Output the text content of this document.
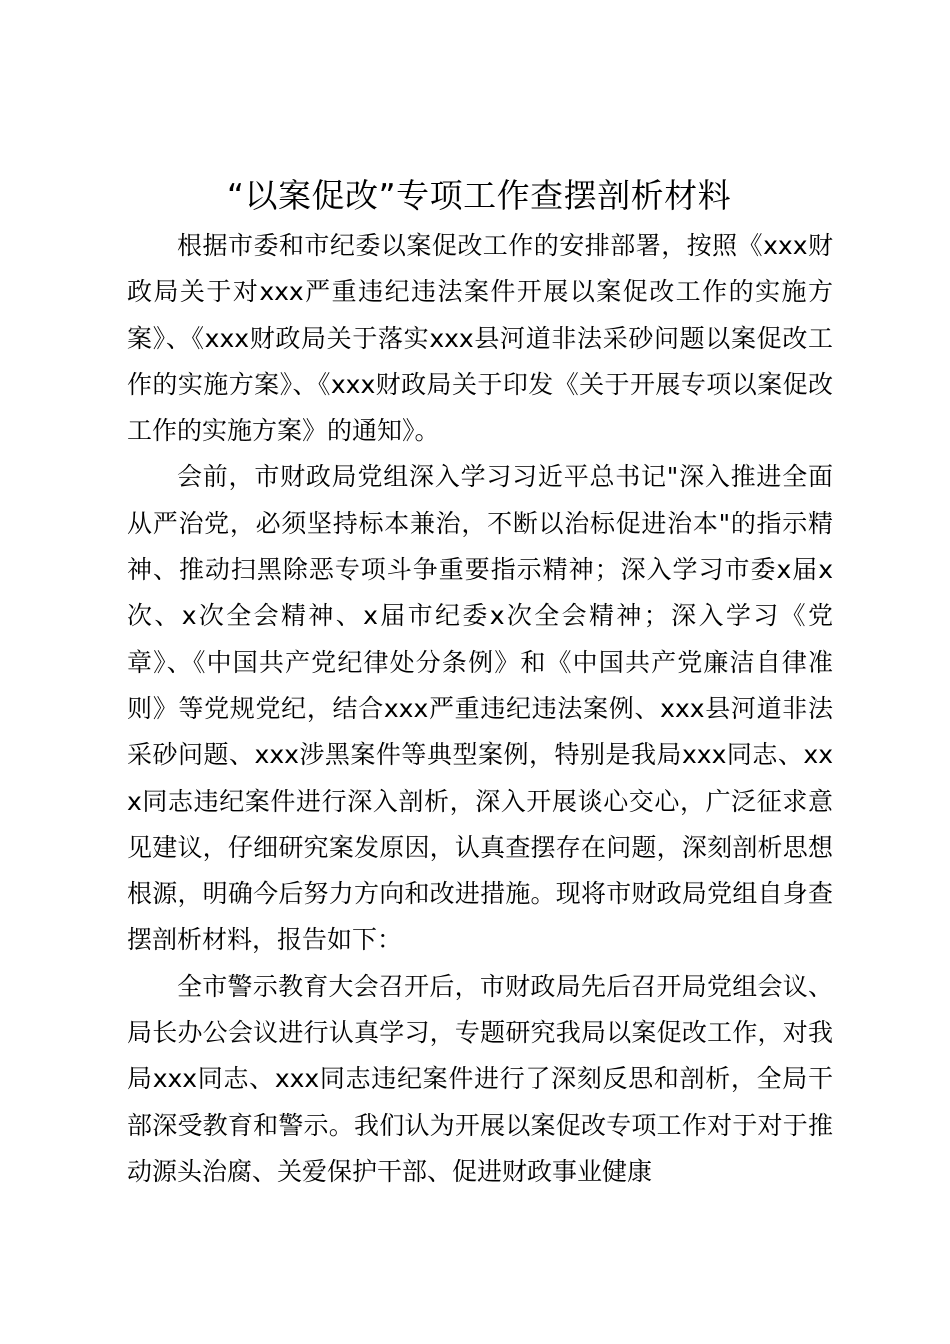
“以案促改”专项工作查摆剖析材料

根据市委和市纪委以案促改工作的安排部署，按照《xxx财政局关于对xxx严重违纪违法案件开展以案促改工作的实施方案》、《xxx财政局关于落实xxx县河道非法采砂问题以案促改工作的实施方案》、《xxx财政局关于印发《关于开展专项以案促改工作的实施方案》的通知》。

会前，市财政局党组深入学习习近平总书记"深入推进全面从严治党，必须坚持标本兼治，不断以治标促进治本"的指示精神、推动扫黑除恶专项斗争重要指示精神；深入学习市委x届x次、x次全会精神、x届市纪委x次全会精神；深入学习《党章》、《中国共产党纪律处分条例》和《中国共产党廉洁自律准则》等党规党纪，结合xxx严重违纪违法案例、xxx县河道非法采砂问题、xxx涉黑案件等典型案例，特别是我局xxx同志、xxx同志违纪案件进行深入剖析，深入开展谈心交心，广泛征求意见建议，仔细研究案发原因，认真查摆存在问题，深刻剖析思想根源，明确今后努力方向和改进措施。现将市财政局党组自身查摆剖析材料，报告如下：

全市警示教育大会召开后，市财政局先后召开局党组会议、局长办公会议进行认真学习，专题研究我局以案促改工作，对我局xxx同志、xxx同志违纪案件进行了深刻反思和剖析，全局干部深受教育和警示。我们认为开展以案促改专项工作对于对于推动源头治腐、关爱保护干部、促进财政事业健康
